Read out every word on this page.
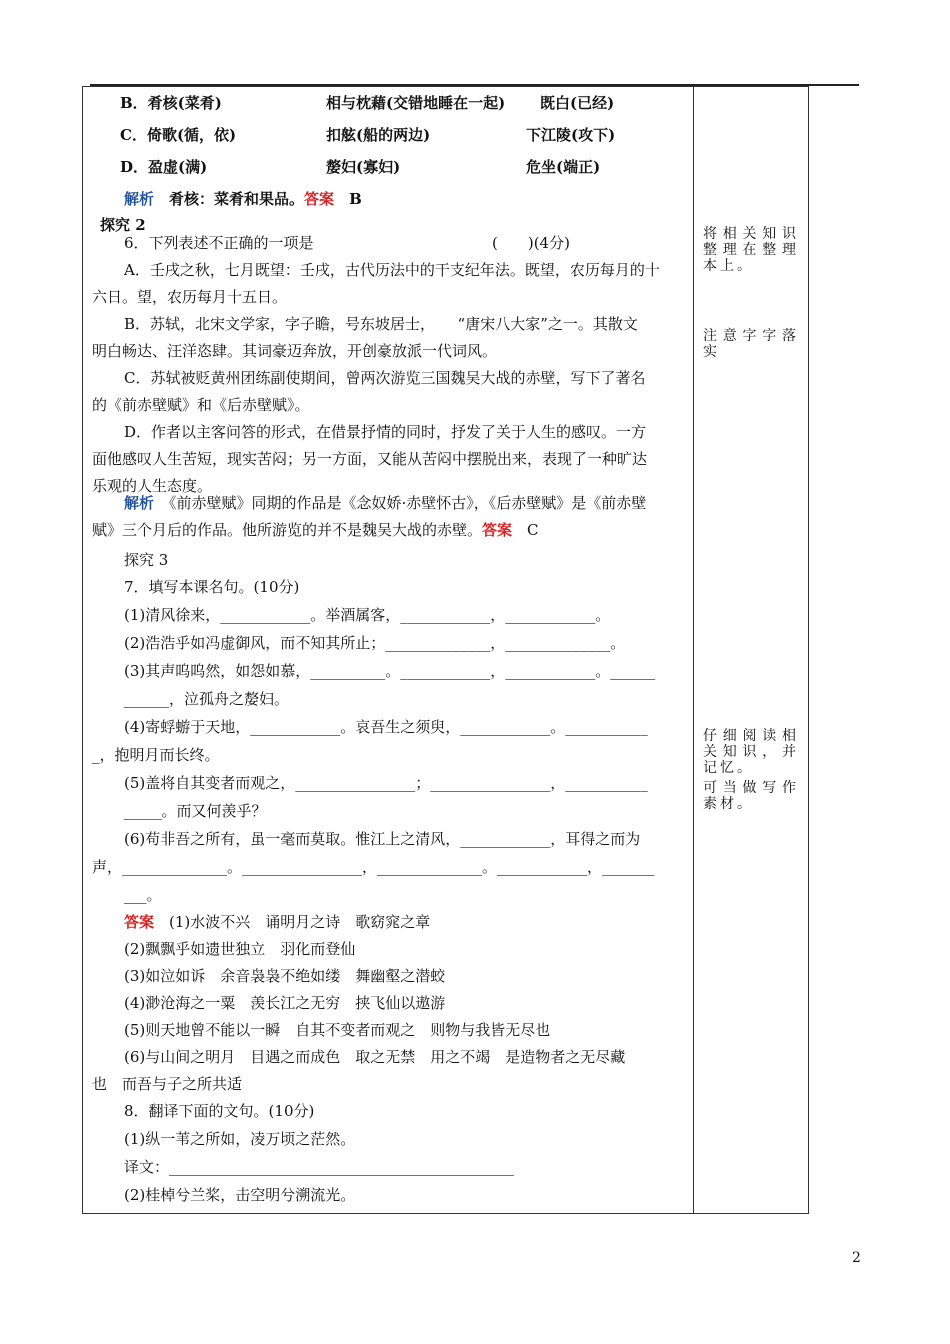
B．肴核(菜肴)	相与枕藉(交错地睡在一起) 既白(已经)
C．倚歌(循，依)	扣舷(船的两边)	下江陵(攻下)
D．盈虚(满)	嫠妇(寡妇)	危坐(端正)
解析　 肴核：菜肴和果品。答案　 B
探究 2
6．下列表述不正确的一项是	(　　)(4分)
A．壬戌之秋，七月既望：壬戌，古代历法中的干支纪年法。既望，农历每月的十
六日。望，农历每月十五日。
B．苏轼，北宋文学家，字子瞻，号东坡居士，　　“唐宋八大家”之一。其散文
明白畅达、汪洋恣肆。其词豪迈奔放，开创豪放派一代词风。
C．苏轼被贬黄州团练副使期间，曾两次游览三国魏吴大战的赤壁，写下了著名
的《前赤壁赋》和《后赤壁赋》。
D．作者以主客问答的形式，在借景抒情的同时，抒发了关于人生的感叹。一方
面他感叹人生苦短，现实苦闷；另一方面，又能从苦闷中摆脱出来，表现了一种旷达
乐观的人生态度。
解析　 《前赤壁赋》同期的作品是《念奴娇·赤壁怀古》，《后赤壁赋》是《前赤壁
赋》三个月后的作品。他所游览的并不是魏吴大战的赤壁。答案　 C
探究 3
7．填写本课名句。(10分)
(1)清风徐来，____________。举酒属客，____________，____________。
(2)浩浩乎如冯虚御风，而不知其所止；______________，______________。
(3)其声呜呜然，如怨如慕，__________。____________，____________。______
______，泣孤舟之嫠妇。
(4)寄蜉蝣于天地，____________。哀吾生之须臾，____________。___________
_，抱明月而长终。
(5)盖将自其变者而观之，________________；________________，___________
_____。而又何羡乎？
(6)苟非吾之所有，虽一毫而莫取。惟江上之清风，____________，耳得之而为
声，______________。________________，______________。____________，_______
___。
答案　 (1)水波不兴　诵明月之诗　歌窈窕之章
(2)飘飘乎如遗世独立　羽化而登仙
(3)如泣如诉　余音袅袅不绝如缕　舞幽壑之潜蛟
(4)渺沧海之一粟　羡长江之无穷　挟飞仙以遨游
(5)则天地曾不能以一瞬　自其不变者而观之　则物与我皆无尽也
(6)与山间之明月　目遇之而成色　取之无禁　用之不竭　是造物者之无尽藏
也　而吾与子之所共适
8．翻译下面的文句。(10分)
(1)纵一苇之所如，凌万顷之茫然。
译文：______________________________________________
(2)桂棹兮兰桨，击空明兮溯流光。
将相关知识整理在整理本上。
注意字字落实
仔细阅读相关知识，并记忆。
可当做写作素材。
2
